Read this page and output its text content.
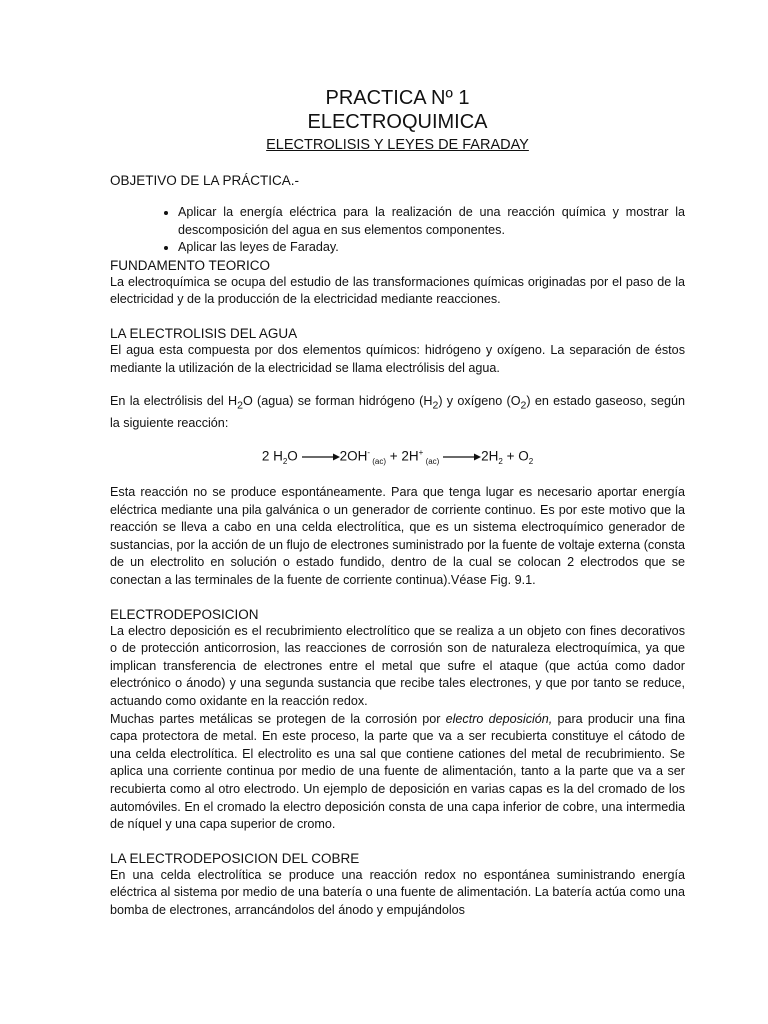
PRACTICA Nº 1
ELECTROQUIMICA
ELECTROLISIS Y LEYES DE FARADAY
OBJETIVO DE LA PRÁCTICA.-
• Aplicar la energía eléctrica para la realización de una reacción química y mostrar la descomposición del agua en sus elementos componentes.
• Aplicar las leyes de Faraday.
FUNDAMENTO TEORICO

La electroquímica se ocupa del estudio de las transformaciones químicas originadas por el paso de la electricidad y de la producción de la electricidad mediante reacciones.

LA ELECTROLISIS DEL AGUA

El agua esta compuesta por dos elementos químicos: hidrógeno y oxígeno. La separación de éstos mediante la utilización de la electricidad se llama electrólisis del agua.

En la electrólisis del $H_2O$ (agua) se forman hidrógeno $(H_2)$ y oxígeno $(O_2)$ en estado gaseoso, según la siguiente reacción:

2 $H_2O \to 2OH^-$ $_{(ac)}$ + 2H+ $_{(ac)} \to 2H_2 + O_2$

Esta reacción no se produce espontáneamente. Para que tenga lugar es necesario aportar energía eléctrica mediante una pila galvánica o un generador de corriente continuo. Es por este motivo que la reacción se lleva a cabo en una celda electrolítica, que es un sistema electroquímico generador de sustancias, por la acción de un flujo de electrones suministrado por la fuente de voltaje externa (consta de un electrolito en solución o estado fundido, dentro de la cual se colocan 2 electrodos que se conectan a las terminales de la fuente de corriente continua).Véase Fig. 9.1.

ELECTRODEPOSICION

La electro deposición es el recubrimiento electrolítico que se realiza a un objeto con fines decorativos o de protección anticorrosion, las reacciones de corrosión son de naturaleza electroquímica, ya que implican transferencia de electrones entre el metal que sufre el ataque (que actúa como dador electrónico o ánodo) y una segunda sustancia que recibe tales electrones, y que por tanto se reduce, actuando como oxidante en la reacción redox.

Muchas partes metálicas se protegen de la corrosión por electro deposición, para producir una fina capa protectora de metal. En este proceso, la parte que va a ser recubierta constituye el cátodo de una celda electrolítica. El electrolito es una sal que contiene cationes del metal de recubrimiento. Se aplica una corriente continua por medio de una fuente de alimentación, tanto a la parte que va a ser recubierta como al otro electrodo. Un ejemplo de deposición en varias capas es la del cromado de los automóviles. En el cromado la electro deposición consta de una capa inferior de cobre, una intermedia de níquel y una capa superior de cromo.

LA ELECTRODEPOSICION DEL COBRE

En una celda electrolítica se produce una reacción redox no espontánea suministrando energía eléctrica al sistema por medio de una batería o una fuente de alimentación. La batería actúa como una bomba de electrones, arrancándolos del ánodo y empujándolos
